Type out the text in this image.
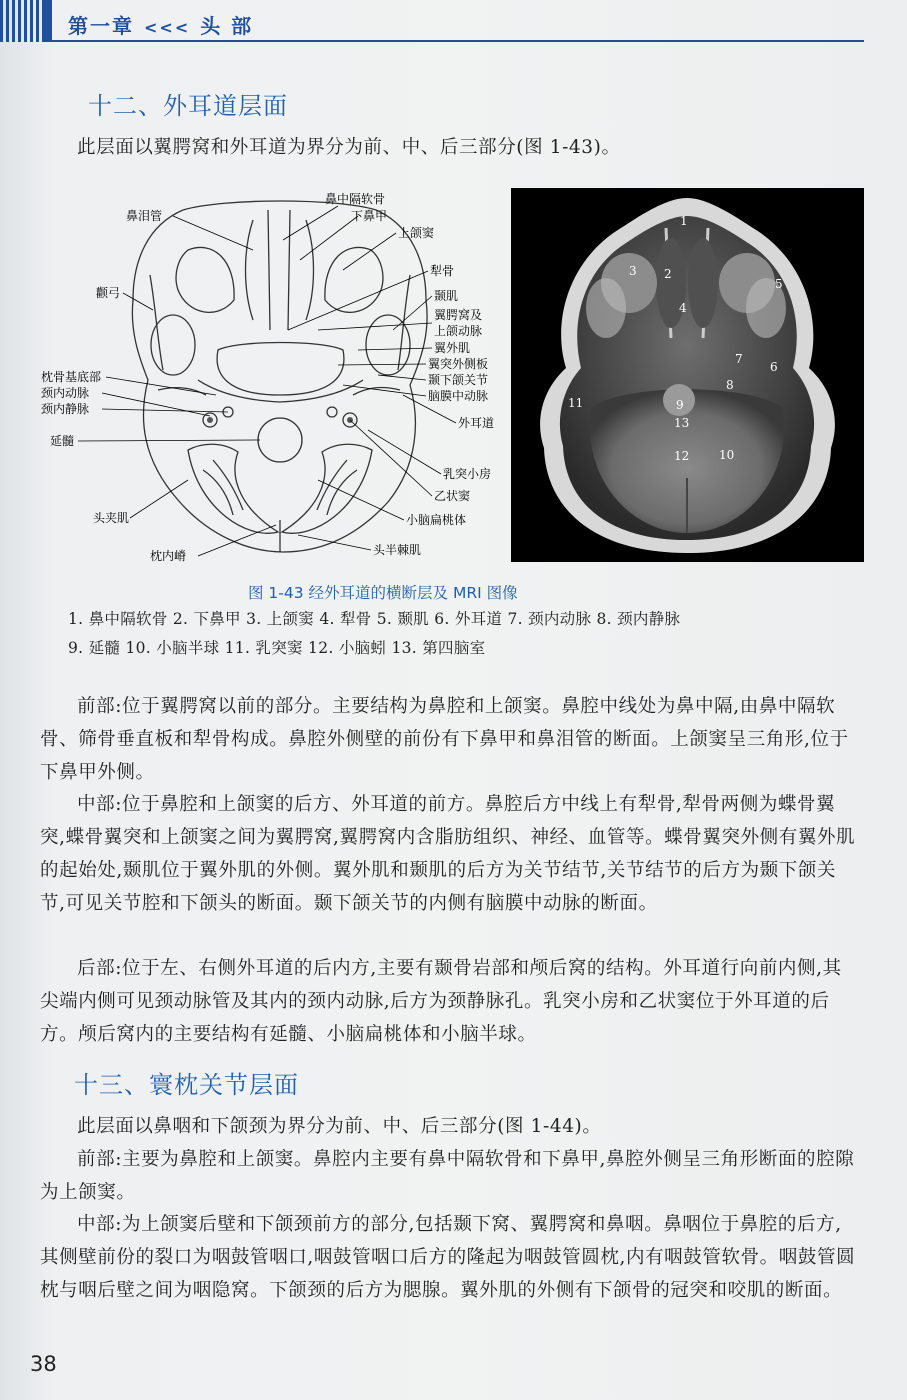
第一章 <<< 头 部
十二、外耳道层面

此层面以翼腭窝和外耳道为界分为前、中、后三部分(图 1-43)。

鼻泪管
颧弓
枕骨基底部
颈内动脉
颈内静脉
延髓
头夹肌
枕内嵴
鼻中隔软骨
下鼻甲
上颌窦
犁骨
颞肌
翼腭窝及
上颌动脉
翼外肌
翼突外侧板
颞下颌关节
脑膜中动脉
外耳道
乳突小房
乙状窦
小脑扁桃体
头半棘肌
1
2
3
4
5
6
7
8
9
10
11
12
13
图 1-43 经外耳道的横断层及 MRI 图像
1. 鼻中隔软骨 2. 下鼻甲 3. 上颌窦 4. 犁骨 5. 颞肌 6. 外耳道 7. 颈内动脉 8. 颈内静脉
9. 延髓 10. 小脑半球 11. 乳突窦 12. 小脑蚓 13. 第四脑室

前部:位于翼腭窝以前的部分。主要结构为鼻腔和上颌窦。鼻腔中线处为鼻中隔,由鼻中隔软骨、筛骨垂直板和犁骨构成。鼻腔外侧壁的前份有下鼻甲和鼻泪管的断面。上颌窦呈三角形,位于下鼻甲外侧。

中部:位于鼻腔和上颌窦的后方、外耳道的前方。鼻腔后方中线上有犁骨,犁骨两侧为蝶骨翼突,蝶骨翼突和上颌窦之间为翼腭窝,翼腭窝内含脂肪组织、神经、血管等。蝶骨翼突外侧有翼外肌的起始处,颞肌位于翼外肌的外侧。翼外肌和颞肌的后方为关节结节,关节结节的后方为颞下颌关节,可见关节腔和下颌头的断面。颞下颌关节的内侧有脑膜中动脉的断面。

后部:位于左、右侧外耳道的后内方,主要有颞骨岩部和颅后窝的结构。外耳道行向前内侧,其尖端内侧可见颈动脉管及其内的颈内动脉,后方为颈静脉孔。乳突小房和乙状窦位于外耳道的后方。颅后窝内的主要结构有延髓、小脑扁桃体和小脑半球。

十三、寰枕关节层面

此层面以鼻咽和下颌颈为界分为前、中、后三部分(图 1-44)。

前部:主要为鼻腔和上颌窦。鼻腔内主要有鼻中隔软骨和下鼻甲,鼻腔外侧呈三角形断面的腔隙为上颌窦。

中部:为上颌窦后壁和下颌颈前方的部分,包括颞下窝、翼腭窝和鼻咽。鼻咽位于鼻腔的后方,其侧壁前份的裂口为咽鼓管咽口,咽鼓管咽口后方的隆起为咽鼓管圆枕,内有咽鼓管软骨。咽鼓管圆枕与咽后壁之间为咽隐窝。下颌颈的后方为腮腺。翼外肌的外侧有下颌骨的冠突和咬肌的断面。

38
